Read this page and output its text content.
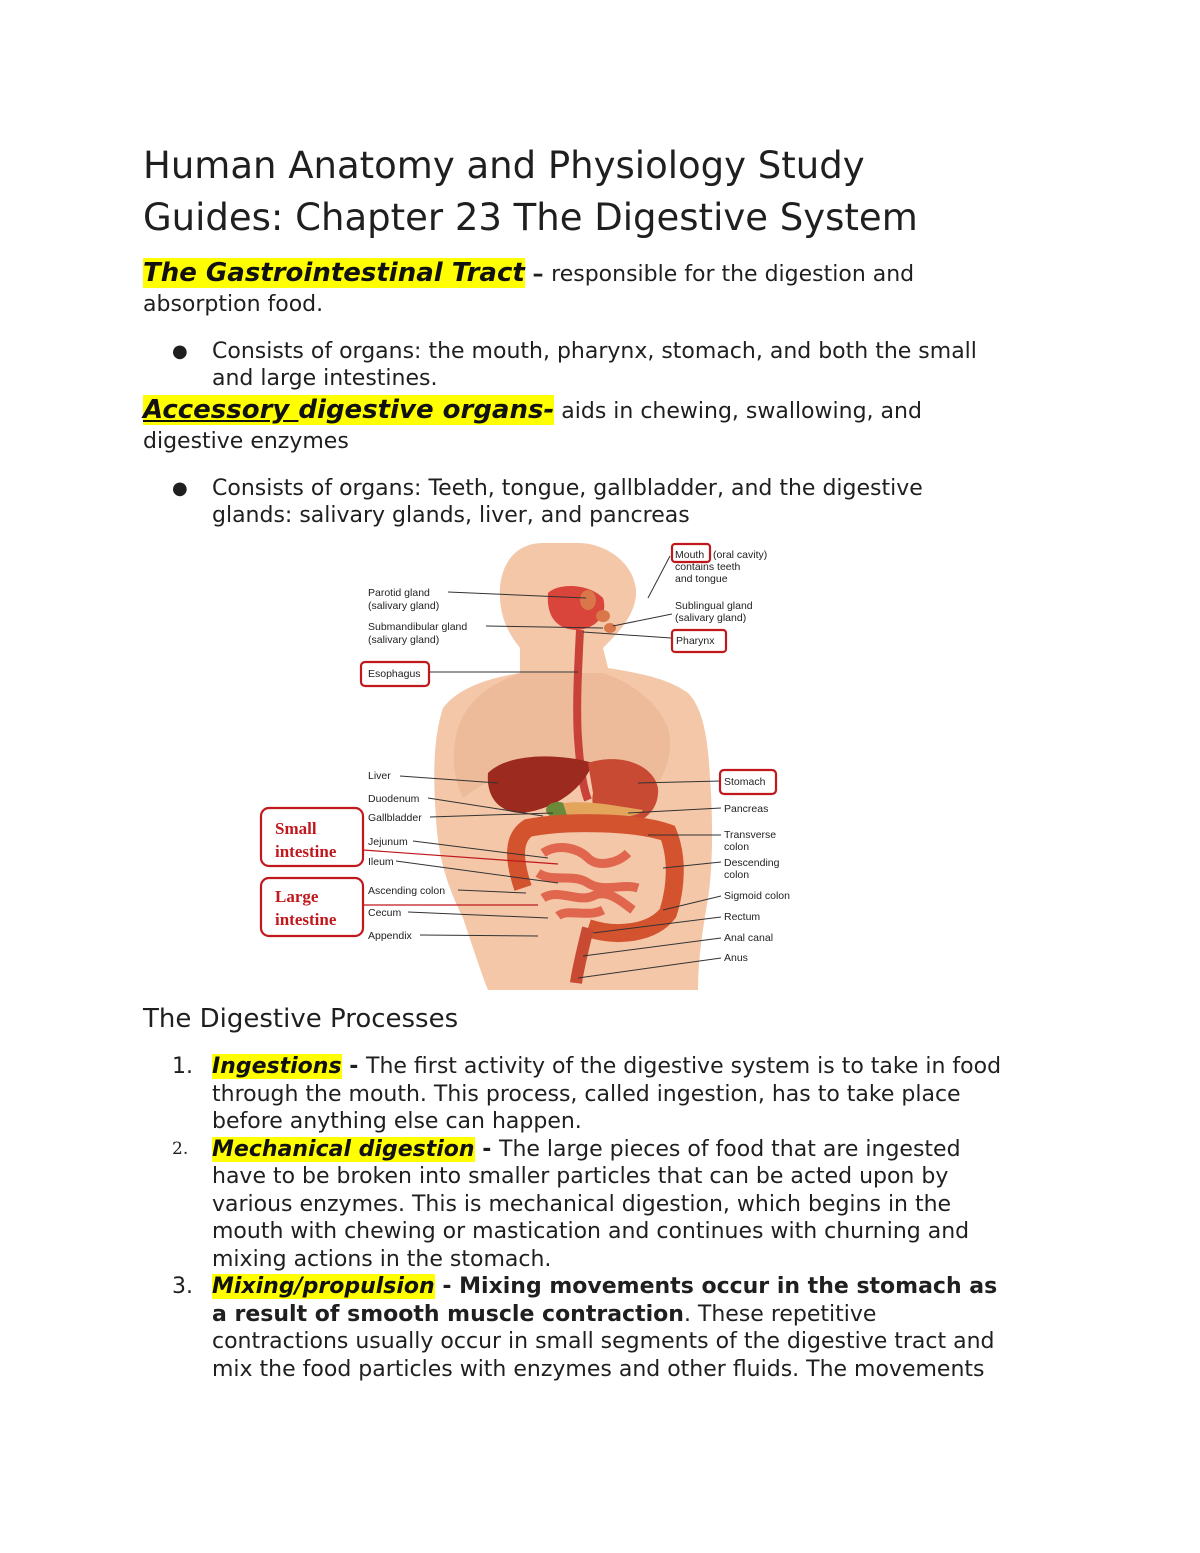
Human Anatomy and Physiology Study
Guides: Chapter 23 The Digestive System
The Gastrointestinal Tract – responsible for the digestion and
absorption food.
●	Consists of organs: the mouth, pharynx, stomach, and both the small
and large intestines.
Accessory digestive organs- aids in chewing, swallowing, and
digestive enzymes
●	Consists of organs: Teeth, tongue, gallbladder, and the digestive
glands: salivary glands, liver, and pancreas
Parotid gland
(salivary gland)
Submandibular gland
(salivary gland)
Esophagus
Liver
Duodenum
Gallbladder
Jejunum
Ileum
Ascending colon
Cecum
Appendix
Mouth (oral cavity)
contains teeth
and tongue
Sublingual gland
(salivary gland)
Pharynx
Stomach
Pancreas
Transverse
colon
Descending
colon
Sigmoid colon
Rectum
Anal canal
Anus
Small
intestine
Large
intestine
The Digestive Processes
1. Ingestions - The first activity of the digestive system is to take in food
through the mouth. This process, called ingestion, has to take place
before anything else can happen.
2.	Mechanical digestion - The large pieces of food that are ingested
have to be broken into smaller particles that can be acted upon by
various enzymes. This is mechanical digestion, which begins in the
mouth with chewing or mastication and continues with churning and
mixing actions in the stomach.
3. Mixing/propulsion - Mixing movements occur in the stomach as
a result of smooth muscle contraction. These repetitive
contractions usually occur in small segments of the digestive tract and
mix the food particles with enzymes and other fluids. The movements
